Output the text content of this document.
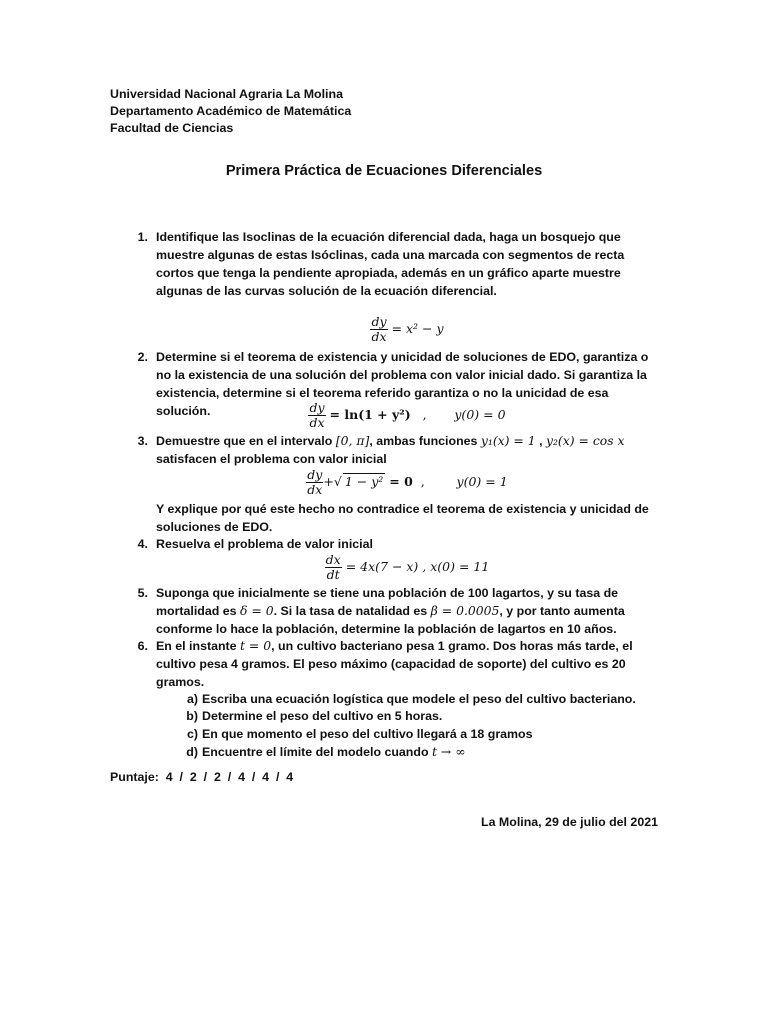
Universidad Nacional Agraria La Molina
Departamento Académico de Matemática
Facultad de Ciencias
Primera Práctica de Ecuaciones Diferenciales
1. Identifique las Isoclinas de la ecuación diferencial dada, haga un bosquejo que muestre algunas de estas Isóclinas, cada una marcada con segmentos de recta cortos que tenga la pendiente apropiada, además en un gráfico aparte muestre algunas de las curvas solución de la ecuación diferencial.
$\frac{dy}{dx} = x^2 - y$
2. Determine si el teorema de existencia y unicidad de soluciones de EDO, garantiza o no la existencia de una solución del problema con valor inicial dado. Si garantiza la existencia, determine si el teorema referido garantiza o no la unicidad de esa solución.	$\frac{dy}{dx} = \ln(1 + y^2)$   ,       y(0) = 0
3. Demuestre que en el intervalo [0, π], ambas funciones y₁(x) = 1 , y₂(x) = cos x
satisfacen el problema con valor inicial
$\frac{dy}{dx}$ +√ 1 − y² = 0  ,        y(0) = 1
Y explique por qué este hecho no contradice el teorema de existencia y unicidad de soluciones de EDO.
4. Resuelva el problema de valor inicial
$\frac{dx}{dt} = 4x(7 - x)$ , x(0) = 11
5. Suponga que inicialmente se tiene una población de 100 lagartos, y su tasa de mortalidad es δ = 0. Si la tasa de natalidad es β = 0.0005, y por tanto aumenta conforme lo hace la población, determine la población de lagartos en 10 años.
6. En el instante t = 0, un cultivo bacteriano pesa 1 gramo. Dos horas más tarde, el cultivo pesa 4 gramos. El peso máximo (capacidad de soporte) del cultivo es 20 gramos.
a) Escriba una ecuación logística que modele el peso del cultivo bacteriano.
b) Determine el peso del cultivo en 5 horas.
c) En que momento el peso del cultivo llegará a 18 gramos
d) Encuentre el límite del modelo cuando t → ∞
Puntaje:  4  /  2  /  2  /  4  /  4  /  4
La Molina, 29 de julio del 2021
